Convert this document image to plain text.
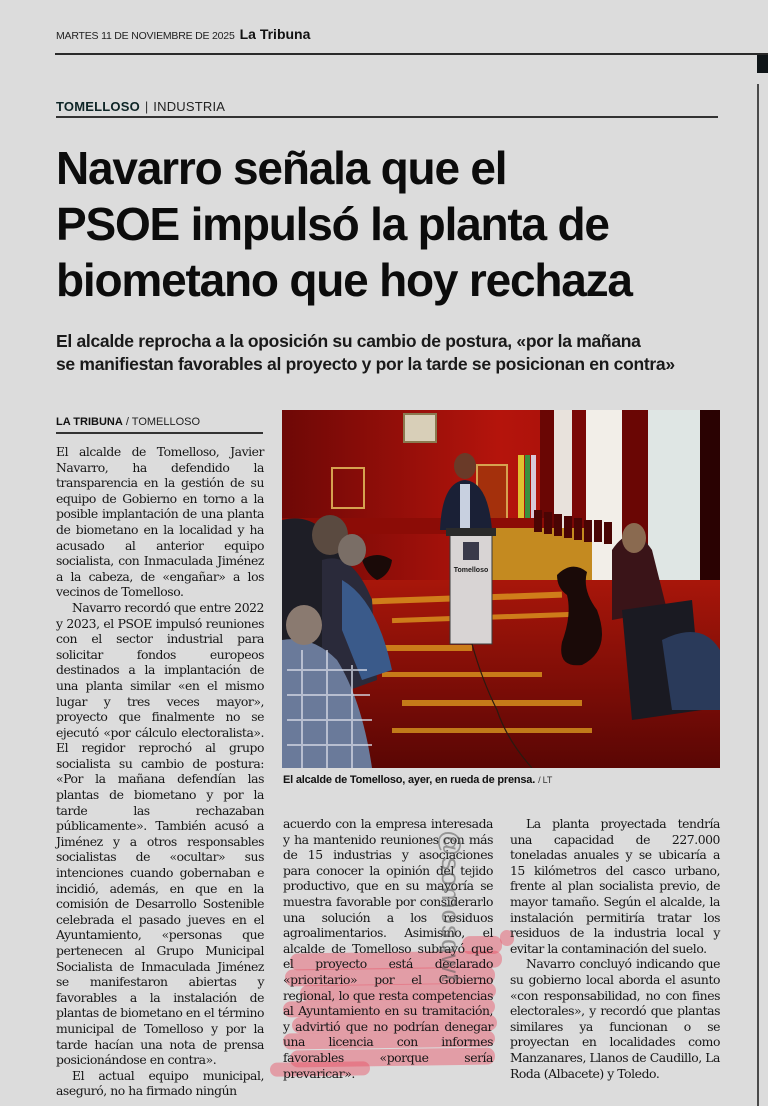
MARTES 11 DE NOVIEMBRE DE 2025 La Tribuna
TOMELLOSO | INDUSTRIA
Navarro señala que el
PSOE impulsó la planta de
biometano que hoy rechaza
El alcalde reprocha a la oposición su cambio de postura, «por la mañana
se manifiestan favorables al proyecto y por la tarde se posicionan en contra»
LA TRIBUNA / TOMELLOSO

El alcalde de Tomelloso, Javier Navarro, ha defendido la transparencia en la gestión de su equipo de Gobierno en torno a la posible implantación de una planta de biometano en la localidad y ha acusado al anterior equipo socialista, con Inmaculada Jiménez a la cabeza, de «engañar» a los vecinos de Tomelloso.

Navarro recordó que entre 2022 y 2023, el PSOE impulsó reuniones con el sector industrial para solicitar fondos europeos destinados a la implantación de una planta similar «en el mismo lugar y tres veces mayor», proyecto que finalmente no se ejecutó «por cálculo electoralista». El regidor reprochó al grupo socialista su cambio de postura: «Por la mañana defendían las plantas de biometano y por la tarde las rechazaban públicamente». También acusó a Jiménez y a otros responsables socialistas de «ocultar» sus intenciones cuando gobernaban e incidió, además, en que en la comisión de Desarrollo Sostenible celebrada el pasado jueves en el Ayuntamiento, «personas que pertenecen al Grupo Municipal Socialista de Inmaculada Jiménez se manifestaron abiertas y favorables a la instalación de plantas de biometano en el término municipal de Tomelloso y por la tarde hacían una nota de prensa posicionándose en contra».

El actual equipo municipal, aseguró, no ha firmado ningún

Tomelloso
El alcalde de Tomelloso, ayer, en rueda de prensa. / LT

acuerdo con la empresa interesada y ha mantenido reuniones con más de 15 industrias y asociaciones para conocer la opinión del tejido productivo, que en su mayoría se muestra favorable por considerarlo una solución a los residuos agroalimentarios. Asimismo, el alcalde de Tomelloso subrayó que el proyecto está declarado «prioritario» por el Gobierno regional, lo que resta competencias al Ayuntamiento en su tramitación, y advirtió que no podrían denegar una licencia con informes favorables «porque sería prevaricar».

La planta proyectada tendría una capacidad de 227.000 toneladas anuales y se ubicaría a 15 kilómetros del casco urbano, frente al plan socialista previo, de mayor tamaño. Según el alcalde, la instalación permitiría tratar los residuos de la industria local y evitar la contaminación del suelo.

Navarro concluyó indicando que su gobierno local aborda el asunto «con responsabilidad, no con fines electorales», y recordó que plantas similares ya funcionan o se proyectan en localidades como Manzanares, Llanos de Caudillo, La Roda (Albacete) y Toledo.

@somosqwt
